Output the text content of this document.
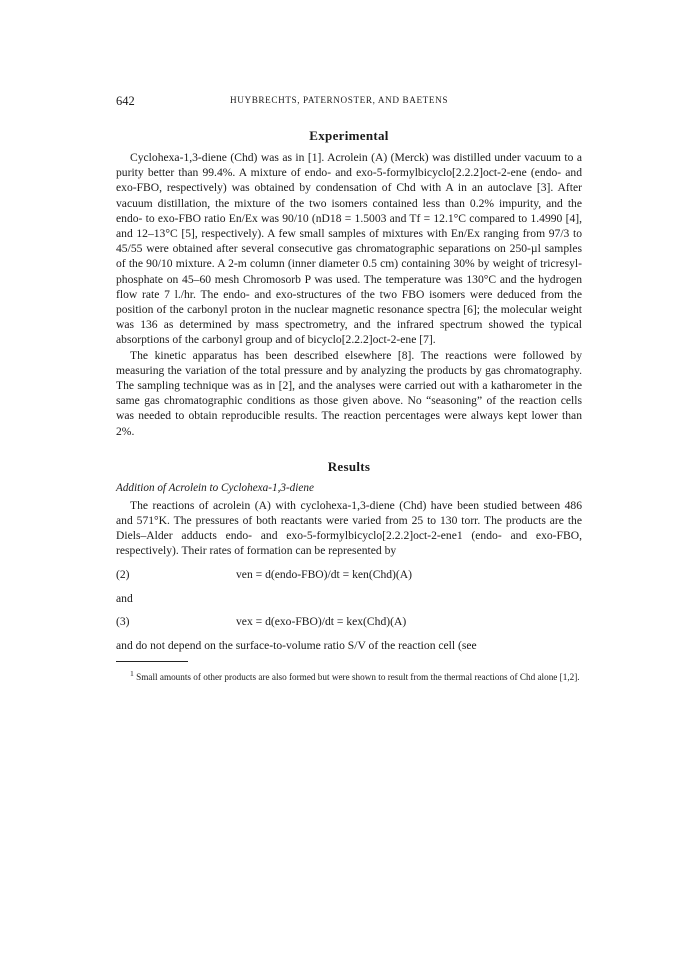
642	HUYBRECHTS, PATERNOSTER, AND BAETENS
Experimental

Cyclohexa-1,3-diene (Chd) was as in [1]. Acrolein (A) (Merck) was distilled under vacuum to a purity better than 99.4%. A mixture of endo- and exo-5-formylbicyclo[2.2.2]oct-2-ene (endo- and exo-FBO, respectively) was obtained by condensation of Chd with A in an autoclave [3]. After vacuum distillation, the mixture of the two isomers contained less than 0.2% impurity, and the endo- to exo-FBO ratio En/Ex was 90/10 (nD18 = 1.5003 and Tf = 12.1°C compared to 1.4990 [4], and 12–13°C [5], respectively). A few small samples of mixtures with En/Ex ranging from 97/3 to 45/55 were obtained after several consecutive gas chromatographic separations on 250-µl samples of the 90/10 mixture. A 2-m column (inner diameter 0.5 cm) containing 30% by weight of tricresyl-phosphate on 45–60 mesh Chromosorb P was used. The temperature was 130°C and the hydrogen flow rate 7 l./hr. The endo- and exo-structures of the two FBO isomers were deduced from the position of the carbonyl proton in the nuclear magnetic resonance spectra [6]; the molecular weight was 136 as determined by mass spectrometry, and the infrared spectrum showed the typical absorptions of the carbonyl group and of bicyclo[2.2.2]oct-2-ene [7].

The kinetic apparatus has been described elsewhere [8]. The reactions were followed by measuring the variation of the total pressure and by analyzing the products by gas chromatography. The sampling technique was as in [2], and the analyses were carried out with a katharometer in the same gas chromatographic conditions as those given above. No “seasoning” of the reaction cells was needed to obtain reproducible results. The reaction percentages were always kept lower than 2%.

Results
Addition of Acrolein to Cyclohexa-1,3-diene

The reactions of acrolein (A) with cyclohexa-1,3-diene (Chd) have been studied between 486 and 571°K. The pressures of both reactants were varied from 25 to 130 torr. The products are the Diels–Alder adducts endo- and exo-5-formylbicyclo[2.2.2]oct-2-ene1 (endo- and exo-FBO, respectively). Their rates of formation can be represented by

(2)	ven = d(endo-FBO)/dt = ken(Chd)(A)

and

(3)	vex = d(exo-FBO)/dt = kex(Chd)(A)

and do not depend on the surface-to-volume ratio S/V of the reaction cell (see

$^1$ Small amounts of other products are also formed but were shown to result from the thermal reactions of Chd alone [1,2].
